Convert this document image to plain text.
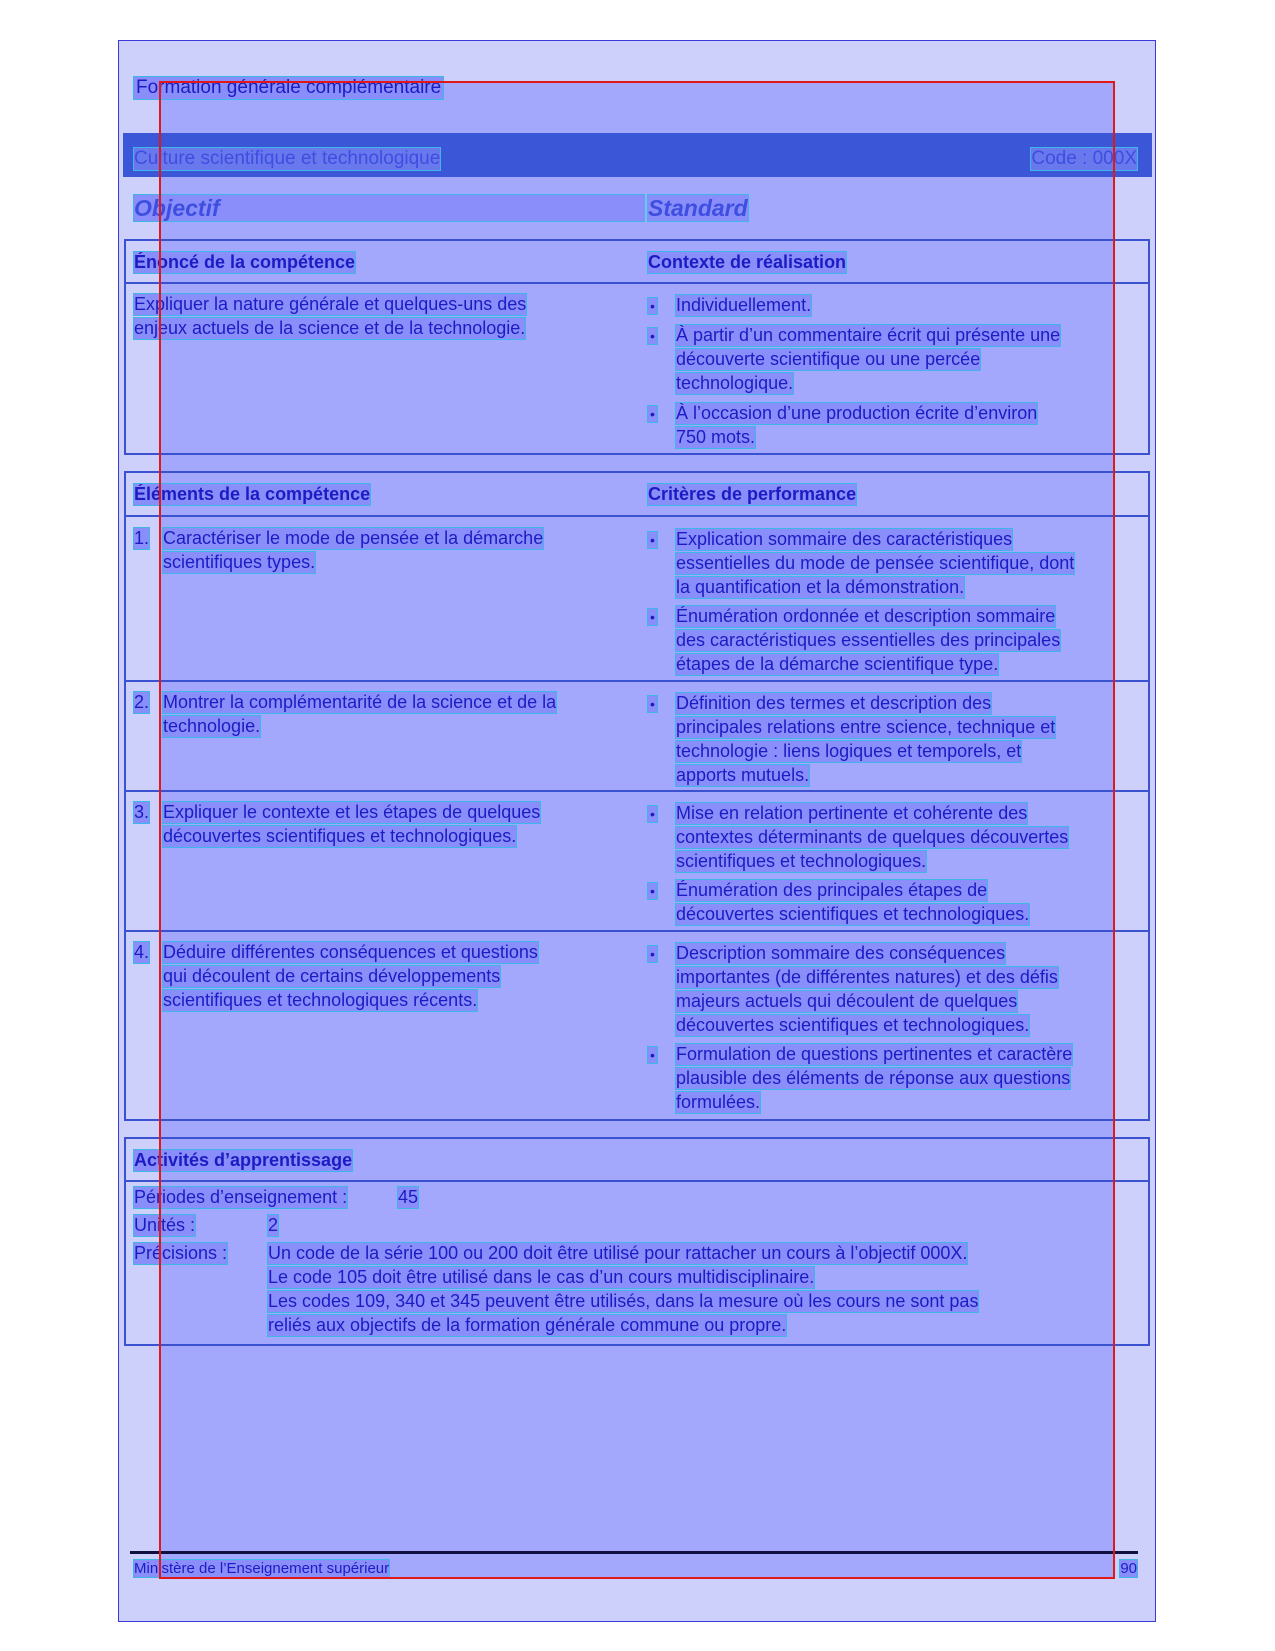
Formation générale complémentaire
Culture scientifique et technologique	Code : 000X
Objectif	Standard
Énoncé de la compétence	Contexte de réalisation
Expliquer la nature générale et quelques-uns des
enjeux actuels de la science et de la technologie.
• Individuellement.
• À partir d’un commentaire écrit qui présente une
découverte scientifique ou une percée
technologique.
• À l’occasion d’une production écrite d’environ
750 mots.
Éléments de la compétence	Critères de performance
1. Caractériser le mode de pensée et la démarche
scientifiques types.
• Explication sommaire des caractéristiques
essentielles du mode de pensée scientifique, dont
la quantification et la démonstration.
• Énumération ordonnée et description sommaire
des caractéristiques essentielles des principales
étapes de la démarche scientifique type.
2. Montrer la complémentarité de la science et de la
technologie.
• Définition des termes et description des
principales relations entre science, technique et
technologie : liens logiques et temporels, et
apports mutuels.
3. Expliquer le contexte et les étapes de quelques
découvertes scientifiques et technologiques.
• Mise en relation pertinente et cohérente des
contextes déterminants de quelques découvertes
scientifiques et technologiques.
• Énumération des principales étapes de
découvertes scientifiques et technologiques.
4. Déduire différentes conséquences et questions
qui découlent de certains développements
scientifiques et technologiques récents.
• Description sommaire des conséquences
importantes (de différentes natures) et des défis
majeurs actuels qui découlent de quelques
découvertes scientifiques et technologiques.
• Formulation de questions pertinentes et caractère
plausible des éléments de réponse aux questions
formulées.
Activités d’apprentissage
Périodes d’enseignement :	45
Unités :	2
Précisions : Un code de la série 100 ou 200 doit être utilisé pour rattacher un cours à l’objectif 000X.
Le code 105 doit être utilisé dans le cas d’un cours multidisciplinaire.
Les codes 109, 340 et 345 peuvent être utilisés, dans la mesure où les cours ne sont pas
reliés aux objectifs de la formation générale commune ou propre.
Ministère de l’Enseignement supérieur	90
